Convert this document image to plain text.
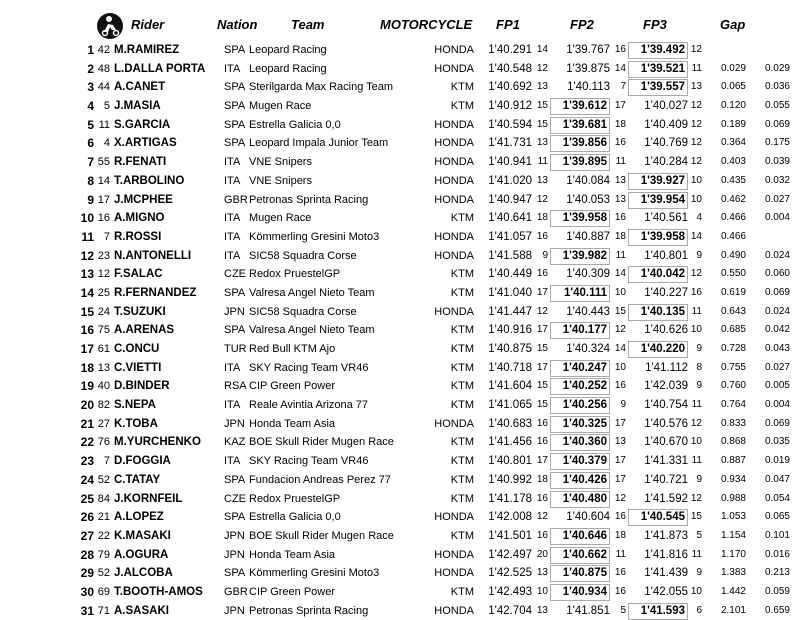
Rider	Nation	Team	MOTORCYCLE FP1	FP2	FP3	Gap
1 42 M.RAMIREZ	SPA Leopard Racing	HONDA	1'40.291 14	1'39.767 16	1'39.492 12
2 48 L.DALLA PORTA ITA Leopard Racing	HONDA	1'40.548 12	1'39.875 14	1'39.521 11	0.029	0.029
3 44 A.CANET	SPA Sterilgarda Max Racing Team	KTM	1'40.692 13	1'40.113	7	1'39.557 13	0.065	0.036
4 5 J.MASIA	SPA Mugen Race	KTM	1'40.912 15	1'39.612 17	1'40.027 12	0.120	0.055
5 11 S.GARCIA	SPA Estrella Galicia 0,0	HONDA	1'40.594 15	1'39.681 18	1'40.409 12	0.189	0.069
6 4 X.ARTIGAS	SPA Leopard Impala Junior Team	HONDA	1'41.731 13	1'39.856 16	1'40.769 12	0.364	0.175
7 55 R.FENATI	ITA VNE Snipers	HONDA	1'40.941 11	1'39.895 11	1'40.284 12	0.403	0.039
8 14 T.ARBOLINO	ITA VNE Snipers	HONDA	1'41.020 13	1'40.084 13	1'39.927 10	0.435	0.032
9 17 J.MCPHEE	GBR Petronas Sprinta Racing	HONDA	1'40.947 12	1'40.053 13	1'39.954 10	0.462	0.027
10 16 A.MIGNO	ITA Mugen Race	KTM	1'40.641 18	1'39.958 16	1'40.561 4	0.466	0.004
11 7 R.ROSSI	ITA Kömmerling Gresini Moto3	HONDA	1'41.057 16	1'40.887 18	1'39.958 14	0.466
12 23 N.ANTONELLI	ITA SIC58 Squadra Corse	HONDA	1'41.588	9	1'39.982 11	1'40.801 9	0.490	0.024
13 12 F.SALAC	CZE Redox PruestelGP	KTM	1'40.449 16	1'40.309 14	1'40.042 12	0.550	0.060
14 25 R.FERNANDEZ	SPA Valresa Angel Nieto Team	KTM	1'41.040 17	1'40.111 10	1'40.227 16	0.619	0.069
15 24 T.SUZUKI	JPN SIC58 Squadra Corse	HONDA	1'41.447 12	1'40.443 15	1'40.135 11	0.643	0.024
16 75 A.ARENAS	SPA Valresa Angel Nieto Team	KTM	1'40.916 17	1'40.177 12	1'40.626 10	0.685	0.042
17 61 C.ONCU	TUR Red Bull KTM Ajo	KTM	1'40.875 15	1'40.324 14	1'40.220	9	0.728	0.043
18 13 C.VIETTI	ITA SKY Racing Team VR46	KTM	1'40.718 17	1'40.247 10	1'41.112 8	0.755	0.027
19 40 D.BINDER	RSA CIP Green Power	KTM	1'41.604 15	1'40.252 16	1'42.039 9	0.760	0.005
20 82 S.NEPA	ITA Reale Avintia Arizona 77	KTM	1'41.065 15	1'40.256	9	1'40.754 11	0.764	0.004
21 27 K.TOBA	JPN Honda Team Asia	HONDA	1'40.683 16	1'40.325 17	1'40.576 12	0.833	0.069
22 76 M.YURCHENKO KAZ BOE Skull Rider Mugen Race	KTM	1'41.456 16	1'40.360 13	1'40.670 10	0.868	0.035
23 7 D.FOGGIA	ITA SKY Racing Team VR46	KTM	1'40.801 17	1'40.379 17	1'41.331 11	0.887	0.019
24 52 C.TATAY	SPA Fundacion Andreas Perez 77	KTM	1'40.992 18	1'40.426 17	1'40.721 9	0.934	0.047
25 84 J.KORNFEIL	CZE Redox PruestelGP	KTM	1'41.178 16	1'40.480 12	1'41.592 12	0.988	0.054
26 21 A.LOPEZ	SPA Estrella Galicia 0,0	HONDA	1'42.008 12	1'40.604 16	1'40.545 15	1.053	0.065
27 22 K.MASAKI	JPN BOE Skull Rider Mugen Race	KTM	1'41.501 16	1'40.646 18	1'41.873 5	1.154	0.101
28 79 A.OGURA	JPN Honda Team Asia	HONDA	1'42.497 20	1'40.662 11	1'41.816 11	1.170	0.016
29 52 J.ALCOBA	SPA Kömmerling Gresini Moto3	HONDA	1'42.525 13	1'40.875 16	1'41.439 9	1.383	0.213
30 69 T.BOOTH-AMOS GBR CIP Green Power	KTM	1'42.493 10	1'40.934 16	1'42.055 10	1.442	0.059
31 71 A.SASAKI	JPN Petronas Sprinta Racing	HONDA	1'42.704 13	1'41.851	5	1'41.593	6	2.101	0.659
